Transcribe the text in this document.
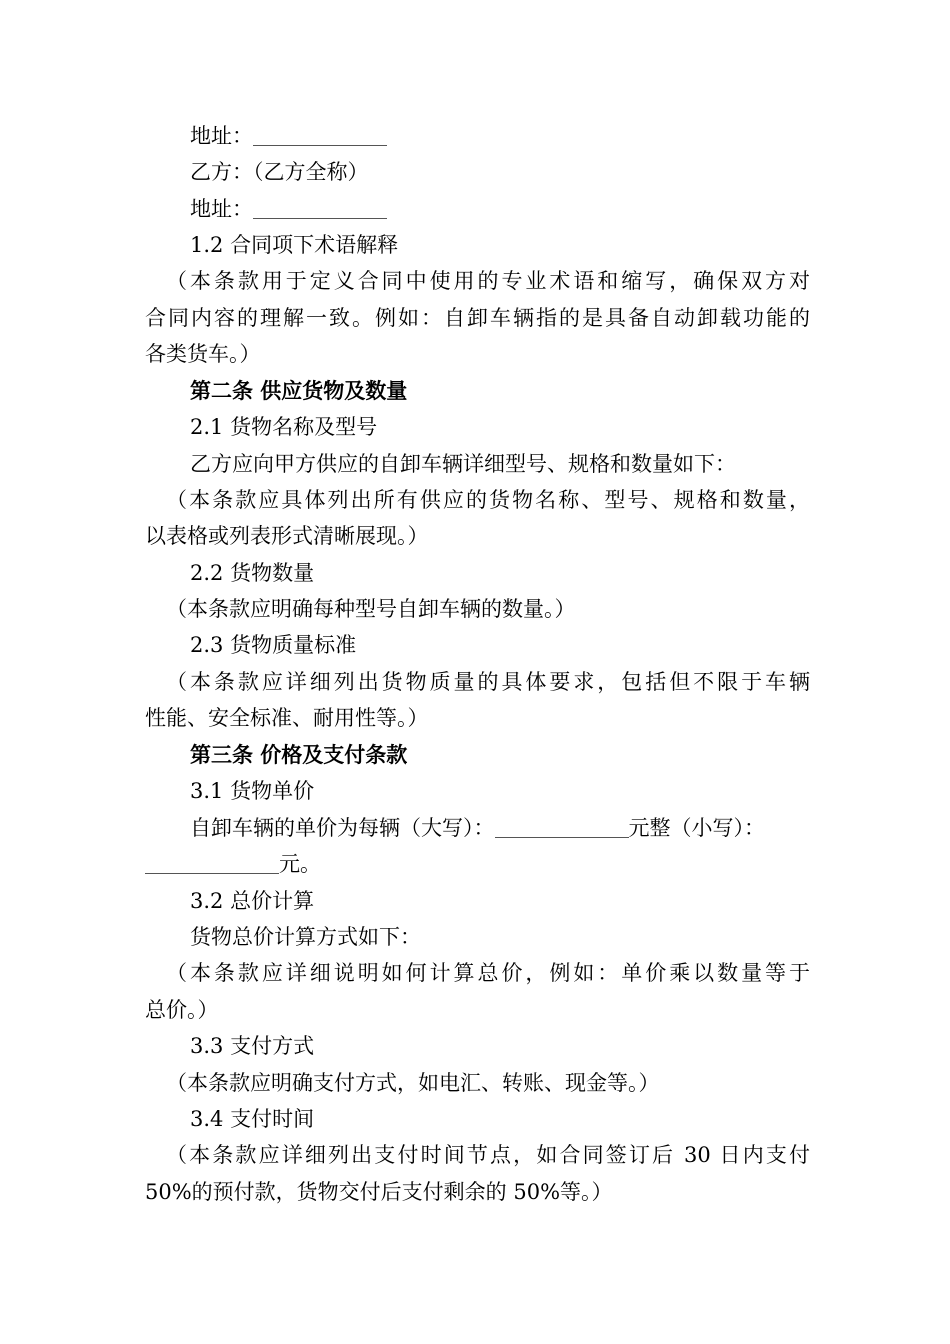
地址：
乙方：（乙方全称）
地址：
1.2 合同项下术语解释
（本条款用于定义合同中使用的专业术语和缩写，确保双方对
合同内容的理解一致。例如：自卸车辆指的是具备自动卸载功能的
各类货车。）
第二条 供应货物及数量
2.1 货物名称及型号
乙方应向甲方供应的自卸车辆详细型号、规格和数量如下：
（本条款应具体列出所有供应的货物名称、型号、规格和数量，
以表格或列表形式清晰展现。）
2.2 货物数量
（本条款应明确每种型号自卸车辆的数量。）
2.3 货物质量标准
（本条款应详细列出货物质量的具体要求，包括但不限于车辆
性能、安全标准、耐用性等。）
第三条 价格及支付条款
3.1 货物单价
自卸车辆的单价为每辆（大写）：	元整（小写）：
元。
3.2 总价计算
货物总价计算方式如下：
（本条款应详细说明如何计算总价，例如：单价乘以数量等于
总价。）
3.3 支付方式
（本条款应明确支付方式，如电汇、转账、现金等。）
3.4 支付时间
（本条款应详细列出支付时间节点，如合同签订后 30 日内支付
50%的预付款，货物交付后支付剩余的 50%等。）
